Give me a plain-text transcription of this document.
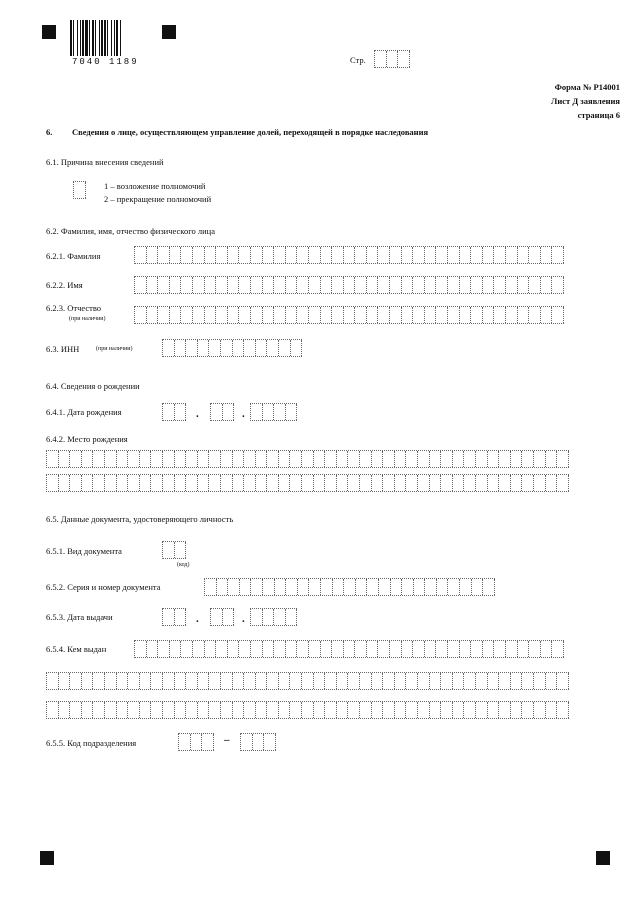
7040 1189	Стр.
Форма № Р14001
Лист Д заявления
страница 6
6. Сведения о лице, осуществляющем управление долей, переходящей в порядке наследования
6.1. Причина внесения сведений
1 – возложение полномочий
2 – прекращение полномочий
6.2. Фамилия, имя, отчество физического лица
6.2.1. Фамилия
6.2.2. Имя
6.2.3. Отчество
(при наличии)
6.3. ИНН	(при наличии)
6.4. Сведения о рождении
6.4.1. Дата рождения	.	.
6.4.2. Место рождения
6.5. Данные документа, удостоверяющего личность
6.5.1. Вид документа
(код)
6.5.2. Серия и номер документа
6.5.3. Дата выдачи	.	.
6.5.4. Кем выдан
6.5.5. Код подразделения	–
